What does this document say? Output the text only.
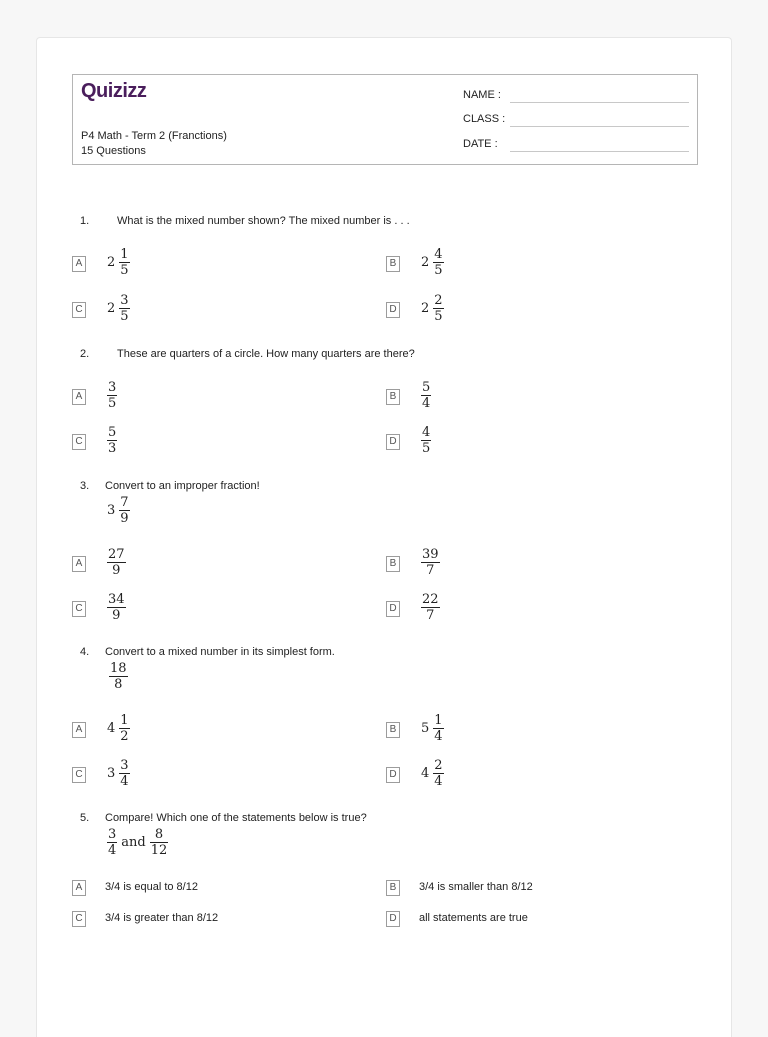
Quizizz
P4 Math - Term 2 (Franctions)
15 Questions
NAME :
CLASS :
DATE :
1.	What is the mixed number shown? The mixed number is . . .
A $2 \frac{1}{5}$	B $2 \frac{4}{5}$
C $2 \frac{3}{5}$	D $2 \frac{2}{5}$
2.	These are quarters of a circle. How many quarters are there?
A $\frac{3}{5}$	B $\frac{5}{4}$
C $\frac{5}{3}$	D $\frac{4}{5}$
3. Convert to an improper fraction!
$3 \frac{7}{9}$
A $\frac{27}{9}$	B $\frac{39}{7}$
C $\frac{34}{9}$	D $\frac{22}{7}$
4. Convert to a mixed number in its simplest form.
$\frac{18}{8}$
A $4 \frac{1}{2}$	B $5 \frac{1}{4}$
C $3 \frac{3}{4}$	D $4 \frac{2}{4}$
5. Compare! Which one of the statements below is true?
$\frac{3}{4}$ and $\frac{8}{12}$
A	3/4 is equal to 8/12	B	3/4 is smaller than 8/12
C	3/4 is greater than 8/12	D	all statements are true
